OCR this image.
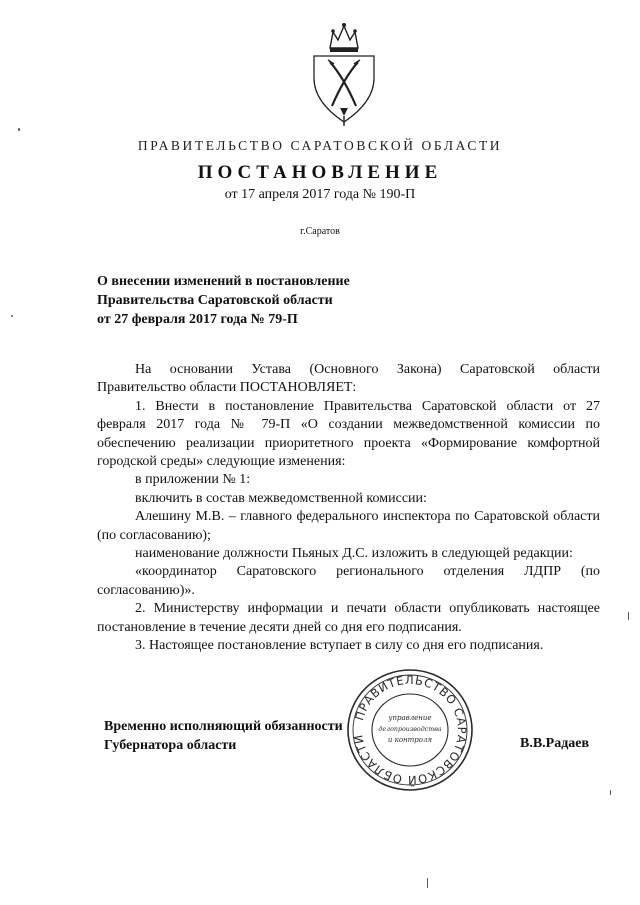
ПРАВИТЕЛЬСТВО САРАТОВСКОЙ ОБЛАСТИ
ПОСТАНОВЛЕНИЕ
от 17 апреля 2017 года № 190-П
г.Саратов
О внесении изменений в постановление
Правительства Саратовской области
от 27 февраля 2017 года № 79-П

На основании Устава (Основного Закона) Саратовской области Правительство области ПОСТАНОВЛЯЕТ:

1. Внести в постановление Правительства Саратовской области от 27 февраля 2017 года № 79-П «О создании межведомственной комиссии по обеспечению реализации приоритетного проекта «Формирование комфортной городской среды» следующие изменения:

в приложении № 1:

включить в состав межведомственной комиссии:

Алешину М.В. – главного федерального инспектора по Саратовской области (по согласованию);

наименование должности Пьяных Д.С. изложить в следующей редакции:

«координатор Саратовского регионального отделения ЛДПР (по согласованию)».

2. Министерству информации и печати области опубликовать настоящее постановление в течение десяти дней со дня его подписания.

3. Настоящее постановление вступает в силу со дня его подписания.

Временно исполняющий обязанности
Губернатора области	В.В.Радаев
ПРАВИТЕЛЬСТВО САРАТОВСКОЙ ОБЛАСТИ
управление
делопроизводства
и контроля
